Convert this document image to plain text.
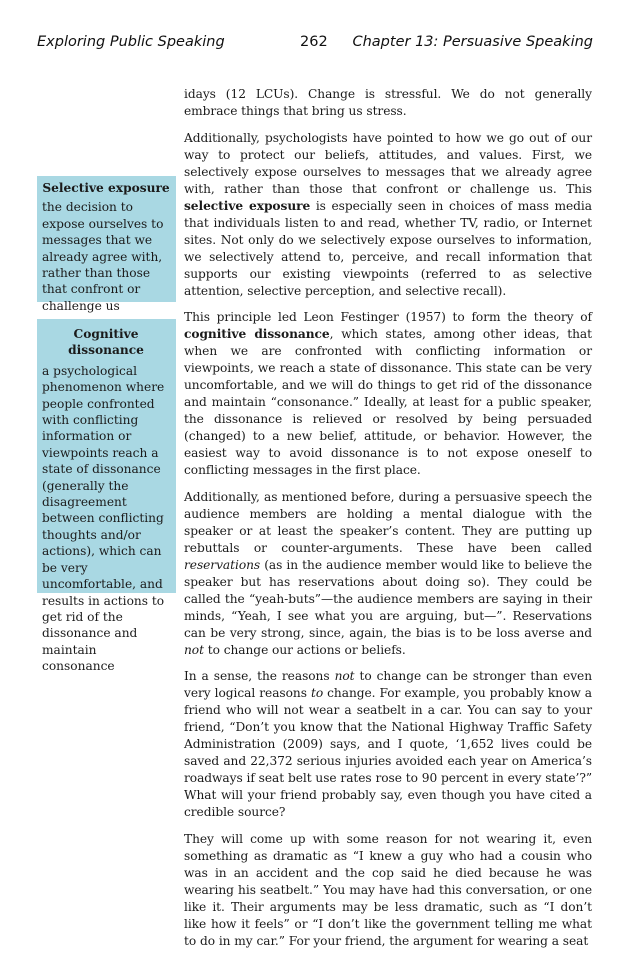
Exploring Public Speaking	262 Chapter 13: Persuasive Speaking
Selective exposure
the decision to expose ourselves to messages that we already agree with, rather than those that confront or challenge us
Cognitive dissonance
a psychological phenomenon where people confronted with conflicting information or viewpoints reach a state of dissonance (generally the disagreement between conflicting thoughts and/or actions), which can be very uncomfortable, and results in actions to get rid of the dissonance and maintain consonance

idays (12 LCUs). Change is stressful. We do not generally embrace things that bring us stress.

Additionally, psychologists have pointed to how we go out of our way to protect our beliefs, attitudes, and values. First, we selectively expose ourselves to messages that we already agree with, rather than those that confront or challenge us. This selective exposure is especially seen in choices of mass media that individuals listen to and read, whether TV, radio, or Internet sites. Not only do we selectively expose ourselves to information, we selectively attend to, perceive, and recall information that supports our existing viewpoints (referred to as selective attention, selective perception, and selective recall).

This principle led Leon Festinger (1957) to form the theory of cognitive dissonance, which states, among other ideas, that when we are confronted with conflicting information or viewpoints, we reach a state of dissonance. This state can be very uncomfortable, and we will do things to get rid of the dissonance and maintain “consonance.” Ideally, at least for a public speaker, the dissonance is relieved or resolved by being persuaded (changed) to a new belief, attitude, or behavior. However, the easiest way to avoid dissonance is to not expose oneself to conflicting messages in the first place.

Additionally, as mentioned before, during a persuasive speech the audience members are holding a mental dialogue with the speaker or at least the speaker’s content. They are putting up rebuttals or counter-arguments. These have been called reservations (as in the audience member would like to believe the speaker but has reservations about doing so). They could be called the “yeah-buts”—the audience members are saying in their minds, “Yeah, I see what you are arguing, but—”. Reservations can be very strong, since, again, the bias is to be loss averse and not to change our actions or beliefs.

In a sense, the reasons not to change can be stronger than even very logical reasons to change. For example, you probably know a friend who will not wear a seatbelt in a car. You can say to your friend, “Don’t you know that the National Highway Traffic Safety Administration (2009) says, and I quote, ‘1,652 lives could be saved and 22,372 serious injuries avoided each year on America’s roadways if seat belt use rates rose to 90 percent in every state’?” What will your friend probably say, even though you have cited a credible source?

They will come up with some reason for not wearing it, even something as dramatic as “I knew a guy who had a cousin who was in an accident and the cop said he died because he was wearing his seatbelt.” You may have had this conversation, or one like it. Their arguments may be less dramatic, such as “I don’t like how it feels” or “I don’t like the government telling me what to do in my car.” For your friend, the argument for wearing a seat
